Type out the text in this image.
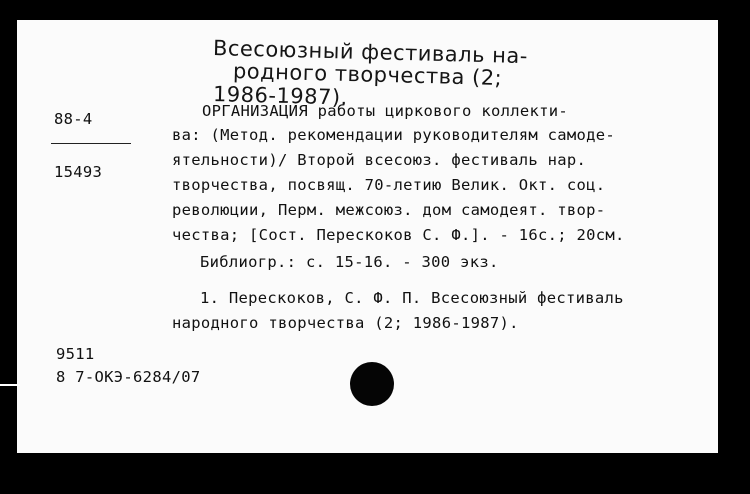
Всесоюзный фестиваль на-
родного творчества (2;
1986-1987).
88-4
15493
ОРГАНИЗАЦИЯ работы циркового коллекти-
ва: (Метод. рекомендации руководителям самоде-
ятельности)/ Второй всесоюз. фестиваль нар.
творчества, посвящ. 70-летию Велик. Окт. соц.
революции, Перм. межсоюз. дом самодеят. твор-
чества; [Сост. Перескоков С. Ф.]. - 16с.; 20см.
Библиогр.: с. 15-16. - 300 экз.
1. Перескоков, С. Ф. П. Всесоюзный фестиваль
народного творчества (2; 1986-1987).
9511
8 7-ОКЭ-6284/07
